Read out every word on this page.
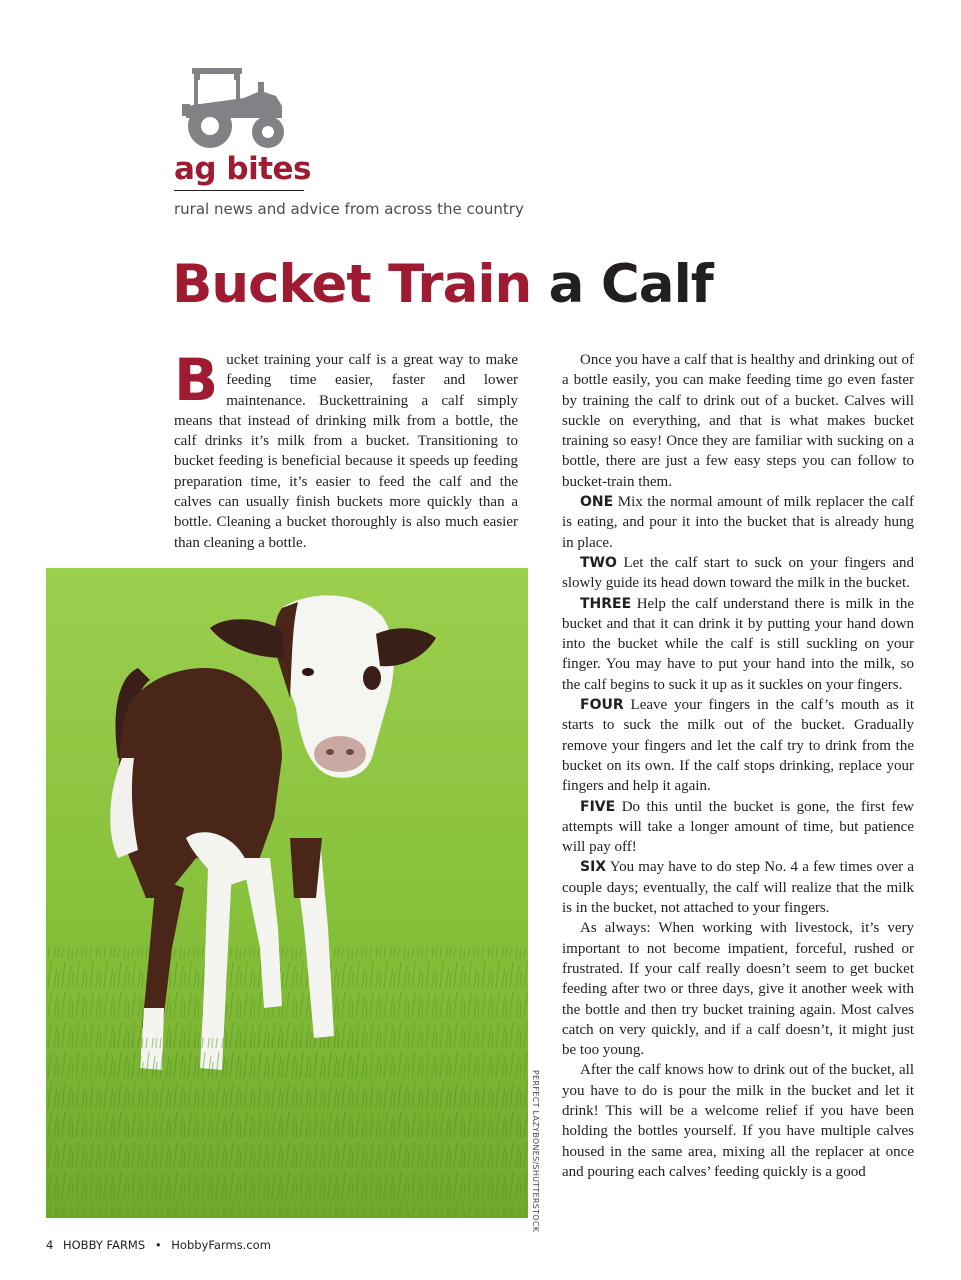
ag bites
rural news and advice from across the country
Bucket Train a Calf

Bucket training your calf is a great way to make feeding time easier, faster and lower maintenance. Buckettraining a calf simply means that instead of drinking milk from a bottle, the calf drinks it’s milk from a bucket. Transitioning to bucket feeding is beneficial because it speeds up feeding preparation time, it’s easier to feed the calf and the calves can usually finish buckets more quickly than a bottle. Cleaning a bucket thoroughly is also much easier than cleaning a bottle.

PERFECT LAZYBONES/SHUTTERSTOCK

Once you have a calf that is healthy and drinking out of a bottle easily, you can make feeding time go even faster by training the calf to drink out of a bucket. Calves will suckle on everything, and that is what makes bucket training so easy! Once they are familiar with sucking on a bottle, there are just a few easy steps you can follow to bucket-train them.

ONE Mix the normal amount of milk replacer the calf is eating, and pour it into the bucket that is already hung in place.

TWO Let the calf start to suck on your fingers and slowly guide its head down toward the milk in the bucket.

THREE Help the calf understand there is milk in the bucket and that it can drink it by putting your hand down into the bucket while the calf is still suckling on your finger. You may have to put your hand into the milk, so the calf begins to suck it up as it suckles on your fingers.

FOUR Leave your fingers in the calf’s mouth as it starts to suck the milk out of the bucket. Gradually remove your fingers and let the calf try to drink from the bucket on its own. If the calf stops drinking, replace your fingers and help it again.

FIVE Do this until the bucket is gone, the first few attempts will take a longer amount of time, but patience will pay off!

SIX You may have to do step No. 4 a few times over a couple days; eventually, the calf will realize that the milk is in the bucket, not attached to your fingers.

As always: When working with livestock, it’s very important to not become impatient, forceful, rushed or frustrated. If your calf really doesn’t seem to get bucket feeding after two or three days, give it another week with the bottle and then try bucket training again. Most calves catch on very quickly, and if a calf doesn’t, it might just be too young.

After the calf knows how to drink out of the bucket, all you have to do is pour the milk in the bucket and let it drink! This will be a welcome relief if you have been holding the bottles yourself. If you have multiple calves housed in the same area, mixing all the replacer at once and pouring each calves’ feeding quickly is a good

4 HOBBY FARMS • HobbyFarms.com
